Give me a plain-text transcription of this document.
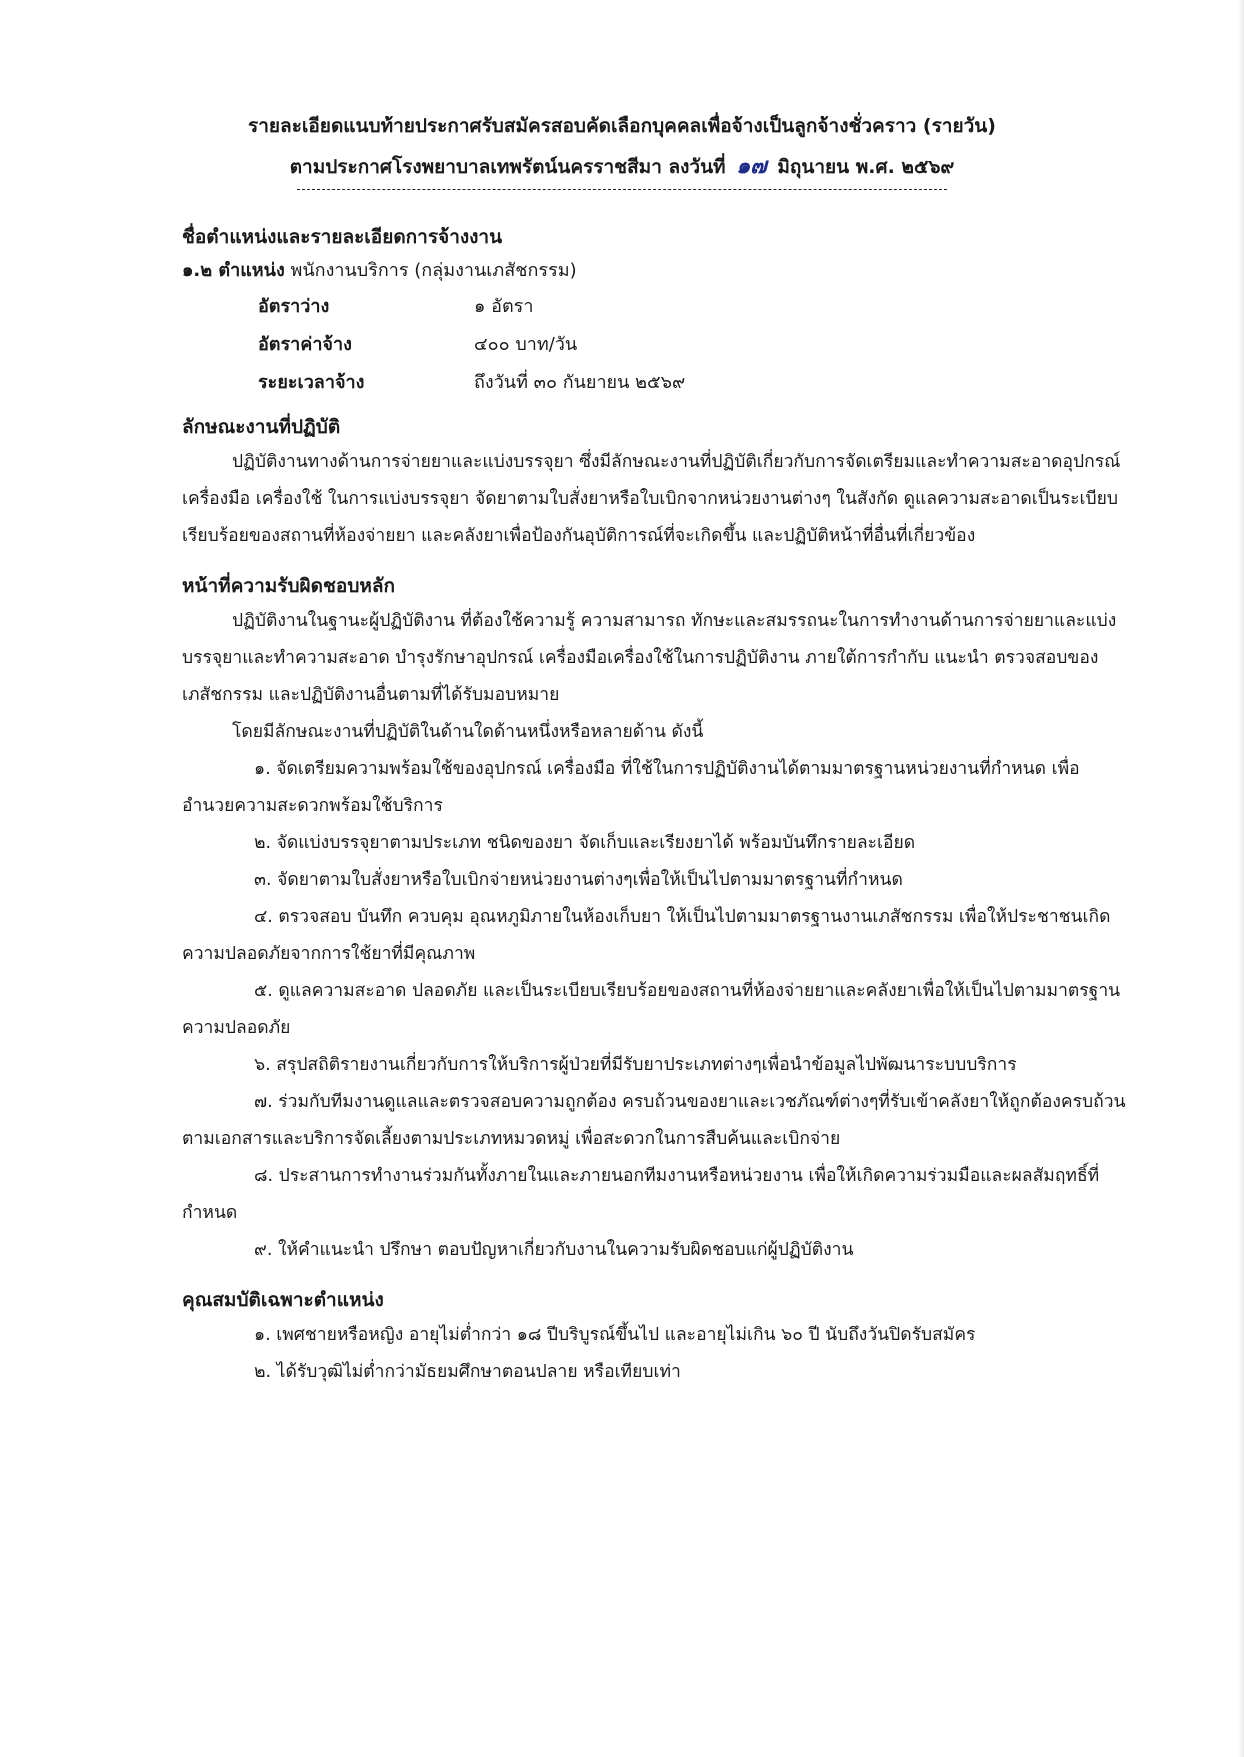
รายละเอียดแนบท้ายประกาศรับสมัครสอบคัดเลือกบุคคลเพื่อจ้างเป็นลูกจ้างชั่วคราว (รายวัน)
ตามประกาศโรงพยาบาลเทพรัตน์นครราชสีมา ลงวันที่ ๑๗ มิถุนายน พ.ศ. ๒๕๖๙
ชื่อตำแหน่งและรายละเอียดการจ้างงาน
๑.๒ ตำแหน่ง พนักงานบริการ (กลุ่มงานเภสัชกรรม)
อัตราว่าง	๑ อัตรา
อัตราค่าจ้าง	๔๐๐ บาท/วัน
ระยะเวลาจ้าง	ถึงวันที่ ๓๐ กันยายน ๒๕๖๙
ลักษณะงานที่ปฏิบัติ

ปฏิบัติงานทางด้านการจ่ายยาและแบ่งบรรจุยา ซึ่งมีลักษณะงานที่ปฏิบัติเกี่ยวกับการจัดเตรียมและทำความสะอาดอุปกรณ์ เครื่องมือ เครื่องใช้ ในการแบ่งบรรจุยา จัดยาตามใบสั่งยาหรือใบเบิกจากหน่วยงานต่างๆ ในสังกัด ดูแลความสะอาดเป็นระเบียบเรียบร้อยของสถานที่ห้องจ่ายยา และคลังยาเพื่อป้องกันอุบัติการณ์ที่จะเกิดขึ้น และปฏิบัติหน้าที่อื่นที่เกี่ยวข้อง

หน้าที่ความรับผิดชอบหลัก

ปฏิบัติงานในฐานะผู้ปฏิบัติงาน ที่ต้องใช้ความรู้ ความสามารถ ทักษะและสมรรถนะในการทำงานด้านการจ่ายยาและแบ่งบรรจุยาและทำความสะอาด บำรุงรักษาอุปกรณ์ เครื่องมือเครื่องใช้ในการปฏิบัติงาน ภายใต้การกำกับ แนะนำ ตรวจสอบของเภสัชกรรม และปฏิบัติงานอื่นตามที่ได้รับมอบหมาย

โดยมีลักษณะงานที่ปฏิบัติในด้านใดด้านหนึ่งหรือหลายด้าน ดังนี้

๑. จัดเตรียมความพร้อมใช้ของอุปกรณ์ เครื่องมือ ที่ใช้ในการปฏิบัติงานได้ตามมาตรฐานหน่วยงานที่กำหนด เพื่ออำนวยความสะดวกพร้อมใช้บริการ

๒. จัดแบ่งบรรจุยาตามประเภท ชนิดของยา จัดเก็บและเรียงยาได้ พร้อมบันทึกรายละเอียด

๓. จัดยาตามใบสั่งยาหรือใบเบิกจ่ายหน่วยงานต่างๆเพื่อให้เป็นไปตามมาตรฐานที่กำหนด

๔. ตรวจสอบ บันทึก ควบคุม อุณหภูมิภายในห้องเก็บยา ให้เป็นไปตามมาตรฐานงานเภสัชกรรม เพื่อให้ประชาชนเกิดความปลอดภัยจากการใช้ยาที่มีคุณภาพ

๕. ดูแลความสะอาด ปลอดภัย และเป็นระเบียบเรียบร้อยของสถานที่ห้องจ่ายยาและคลังยาเพื่อให้เป็นไปตามมาตรฐานความปลอดภัย

๖. สรุปสถิติรายงานเกี่ยวกับการให้บริการผู้ป่วยที่มีรับยาประเภทต่างๆเพื่อนำข้อมูลไปพัฒนาระบบบริการ

๗. ร่วมกับทีมงานดูแลและตรวจสอบความถูกต้อง ครบถ้วนของยาและเวชภัณฑ์ต่างๆที่รับเข้าคลังยาให้ถูกต้องครบถ้วนตามเอกสารและบริการจัดเลี้ยงตามประเภทหมวดหมู่ เพื่อสะดวกในการสืบค้นและเบิกจ่าย

๘. ประสานการทำงานร่วมกันทั้งภายในและภายนอกทีมงานหรือหน่วยงาน เพื่อให้เกิดความร่วมมือและผลสัมฤทธิ์ที่กำหนด

๙. ให้คำแนะนำ ปรึกษา ตอบปัญหาเกี่ยวกับงานในความรับผิดชอบแก่ผู้ปฏิบัติงาน

คุณสมบัติเฉพาะตำแหน่ง

๑. เพศชายหรือหญิง อายุไม่ต่ำกว่า ๑๘ ปีบริบูรณ์ขึ้นไป และอายุไม่เกิน ๖๐ ปี นับถึงวันปิดรับสมัคร

๒. ได้รับวุฒิไม่ต่ำกว่ามัธยมศึกษาตอนปลาย หรือเทียบเท่า
